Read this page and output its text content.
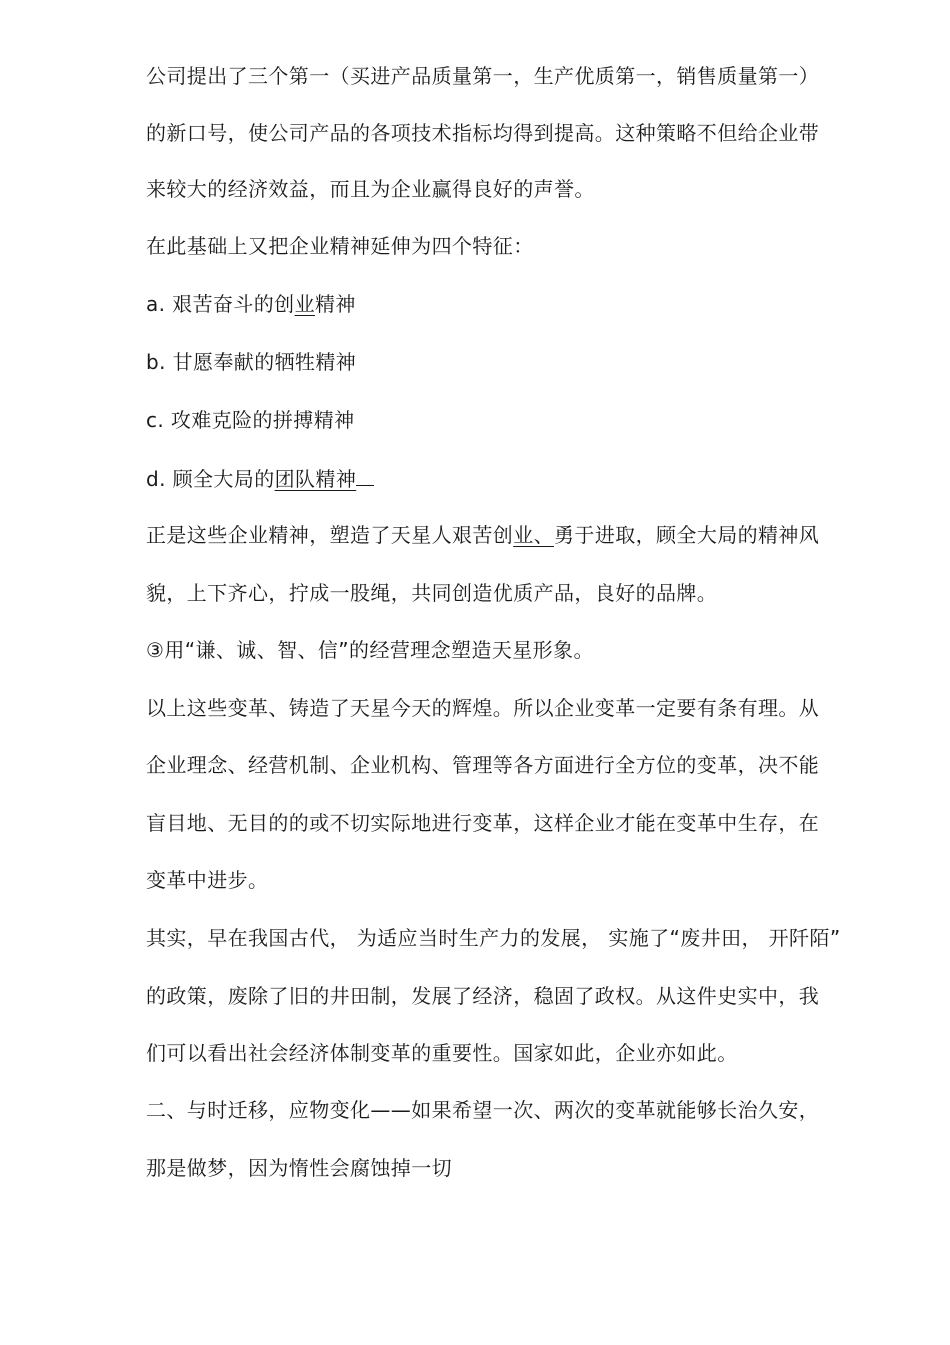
公司提出了三个第一（买进产品质量第一，生产优质第一，销售质量第一）
的新口号，使公司产品的各项技术指标均得到提高。这种策略不但给企业带
来较大的经济效益，而且为企业赢得良好的声誉。
在此基础上又把企业精神延伸为四个特征：
a. 艰苦奋斗的创业精神
b. 甘愿奉献的牺牲精神
c. 攻难克险的拼搏精神
d. 顾全大局的团队精神
正是这些企业精神，塑造了天星人艰苦创业、勇于进取，顾全大局的精神风
貌，上下齐心，拧成一股绳，共同创造优质产品，良好的品牌。
③用“谦、诚、智、信”的经营理念塑造天星形象。
以上这些变革、铸造了天星今天的辉煌。所以企业变革一定要有条有理。从
企业理念、经营机制、企业机构、管理等各方面进行全方位的变革，决不能
盲目地、无目的的或不切实际地进行变革，这样企业才能在变革中生存，在
变革中进步。
其实，早在我国古代， 为适应当时生产力的发展， 实施了“废井田， 开阡陌”
的政策，废除了旧的井田制，发展了经济，稳固了政权。从这件史实中，我
们可以看出社会经济体制变革的重要性。国家如此，企业亦如此。
二、与时迁移，应物变化——如果希望一次、两次的变革就能够长治久安，
那是做梦，因为惰性会腐蚀掉一切
